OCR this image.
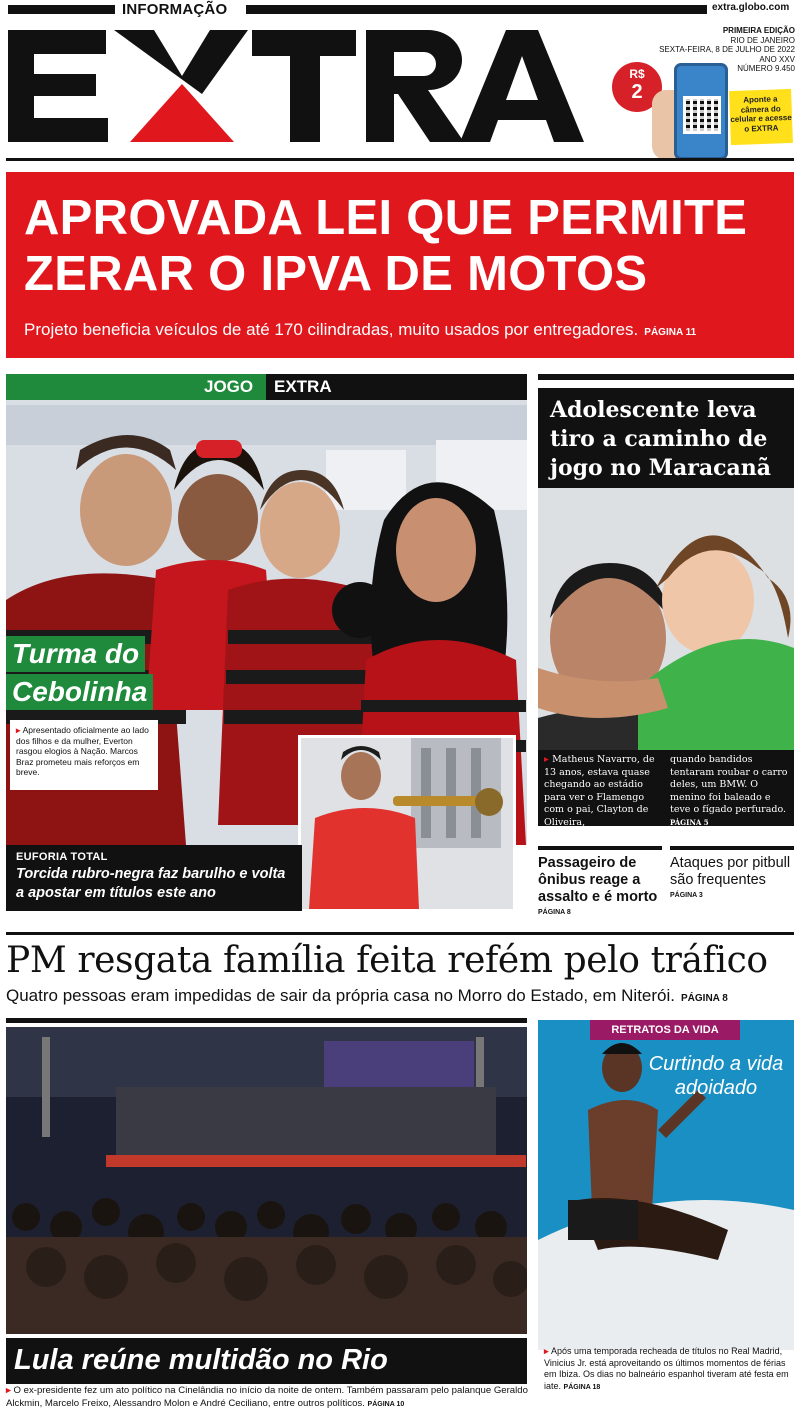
INFORMAÇÃO	extra.globo.com
R$
2
PRIMEIRA EDIÇÃO
RIO DE JANEIRO
SEXTA-FEIRA, 8 DE JULHO DE 2022
ANO XXV
NÚMERO 9.450
Aponte a câmera do celular e acesse o EXTRA
APROVADA LEI QUE PERMITE
ZERAR O IPVA DE MOTOS

Projeto beneficia veículos de até 170 cilindradas, muito usados por entregadores. PÁGINA 11

JOGO EXTRA
Turma do
Cebolinha
▸ Apresentado oficialmente ao lado dos filhos e da mulher, Everton rasgou elogios à Nação. Marcos Braz prometeu mais reforços em breve.
EUFORIA TOTAL
Torcida rubro-negra faz barulho e volta a apostar em títulos este ano
Adolescente leva tiro a caminho de jogo no Maracanã
▸ Matheus Navarro, de 13 anos, estava quase chegando ao estádio para ver o Flamengo com o pai, Clayton de Oliveira,
quando bandidos tentaram roubar o carro deles, um BMW. O menino foi baleado e teve o fígado perfurado. PÁGINA 5
Passageiro de ônibus reage a assalto e é morto
PÁGINA 8
Ataques por pitbull são frequentes
PÁGINA 3
PM resgata família feita refém pelo tráfico
Quatro pessoas eram impedidas de sair da própria casa no Morro do Estado, em Niterói. PÁGINA 8
Lula reúne multidão no Rio
▸ O ex-presidente fez um ato político na Cinelândia no início da noite de ontem. Também passaram pelo palanque Geraldo Alckmin, Marcelo Freixo, Alessandro Molon e André Ceciliano, entre outros políticos. PÁGINA 10
RETRATOS DA VIDA
Curtindo a vida adoidado
▸ Após uma temporada recheada de títulos no Real Madrid, Vinicius Jr. está aproveitando os últimos momentos de férias em Ibiza. Os dias no balneário espanhol tiveram até festa em iate. PÁGINA 18
